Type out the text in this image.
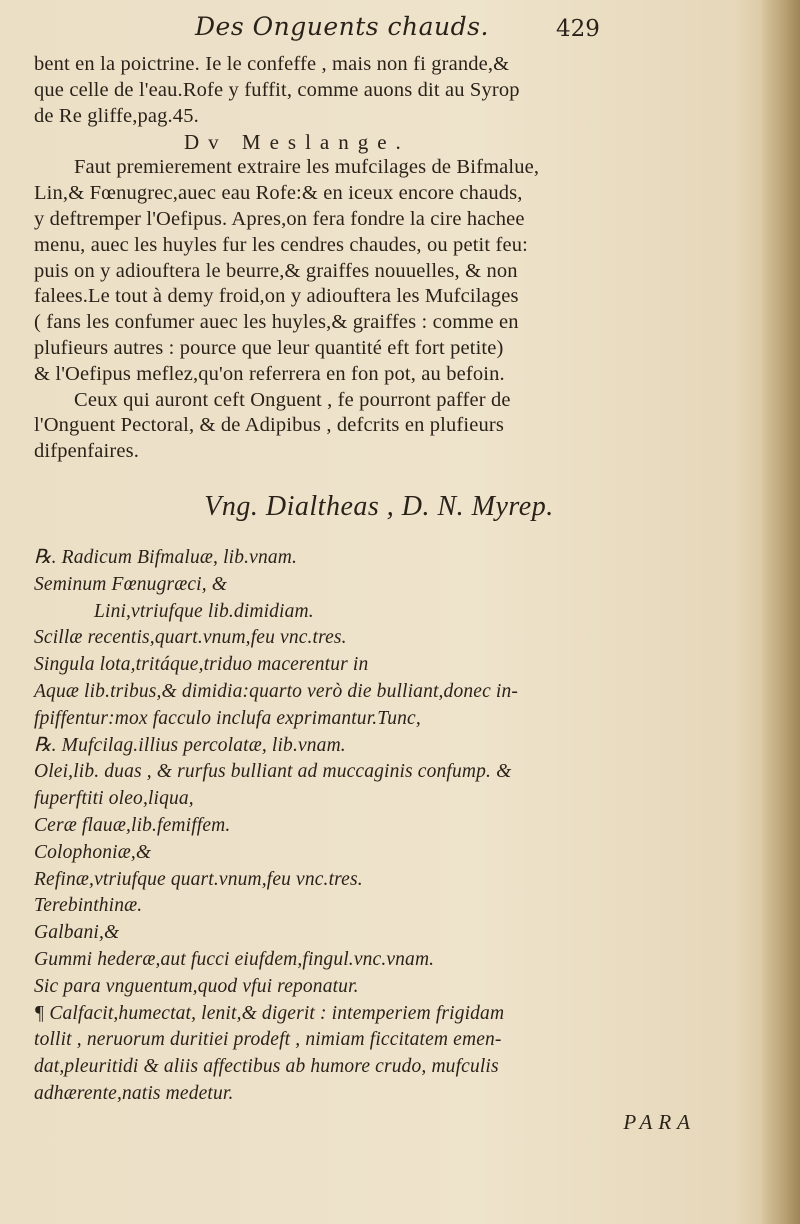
Des Onguents chauds.	429
bent en la poictrine. Ie le confeffe , mais non fi grande,&
que celle de l'eau.Rofe y fuffit, comme auons dit au Syrop
de Re gliffe,pag.45.
Dv Meslange.
Faut premierement extraire les mufcilages de Bifmalue,
Lin,& Fœnugrec,auec eau Rofe:& en iceux encore chauds,
y deftremper l'Oefipus. Apres,on fera fondre la cire hachee
menu, auec les huyles fur les cendres chaudes, ou petit feu:
puis on y adiouftera le beurre,& graiffes nouuelles, & non
falees.Le tout à demy froid,on y adiouftera les Mufcilages
( fans les confumer auec les huyles,& graiffes : comme en
plufieurs autres : pource que leur quantité eft fort petite)
& l'Oefipus meflez,qu'on referrera en fon pot, au befoin.
Ceux qui auront ceft Onguent , fe pourront paffer de
l'Onguent Pectoral, & de Adipibus , defcrits en plufieurs
difpenfaires.
Vng. Dialtheas , D. N. Myrep.
℞. Radicum Bifmaluæ, lib.vnam.
Seminum Fœnugræci, &
Lini,vtriufque lib.dimidiam.
Scillæ recentis,quart.vnum,feu vnc.tres.
Singula lota,tritáque,triduo macerentur in
Aquæ lib.tribus,& dimidia:quarto verò die bulliant,donec in-
fpiffentur:mox facculo inclufa exprimantur.Tunc,
℞. Mufcilag.illius percolatæ, lib.vnam.
Olei,lib. duas , & rurfus bulliant ad muccaginis confump. &
fuperftiti oleo,liqua,
Ceræ flauæ,lib.femiffem.
Colophoniæ,&
Refinæ,vtriufque quart.vnum,feu vnc.tres.
Terebinthinæ.
Galbani,&
Gummi hederæ,aut fucci eiufdem,fingul.vnc.vnam.
Sic para vnguentum,quod vfui reponatur.
¶ Calfacit,humectat, lenit,& digerit : intemperiem frigidam
tollit , neruorum duritiei prodeft , nimiam ficcitatem emen-
dat,pleuritidi & aliis affectibus ab humore crudo, mufculis
adhærente,natis medetur.
PARA
